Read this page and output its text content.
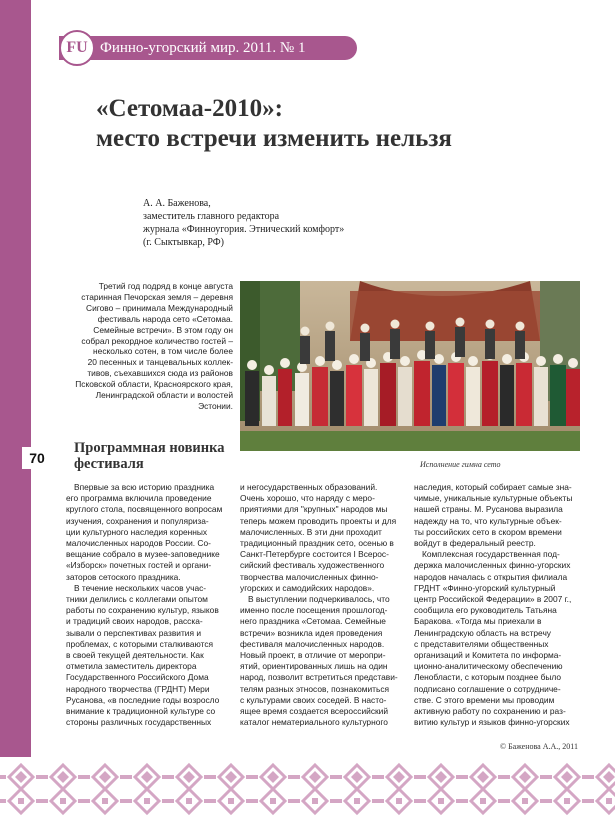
70
FU Финно-угорский мир. 2011. № 1
«Сетомаа-2010»:
место встречи изменить нельзя
А. А. Баженова,
заместитель главного редактора
журнала «Финноугория. Этнический комфорт»
(г. Сыктывкар, РФ)
Третий год подряд в конце августа
старинная Печорская земля – деревня
Сигово – принимала Международный
фестиваль народа сето «Сетомаа.
Семейные встречи». В этом году он
собрал рекордное количество гостей –
несколько сотен, в том числе более
20 песенных и танцевальных коллек-
тивов, съехавшихся сюда из районов
Псковской области, Красноярского края,
Ленинградской области и волостей
Эстонии.
Исполнение гимна сето
Программная новинка
фестиваля
Впервые за всю историю праздника
его программа включила проведение
круглого стола, посвященного вопросам
изучения, сохранения и популяриза-
ции культурного наследия коренных
малочисленных народов России. Со-
вещание собрало в музее-заповеднике
«Изборск» почетных гостей и органи-
заторов сетоского праздника.
В течение нескольких часов учас-
тники делились с коллегами опытом
работы по сохранению культур, языков
и традиций своих народов, расска-
зывали о перспективах развития и
проблемах, с которыми сталкиваются
в своей текущей деятельности. Как
отметила заместитель директора
Государственного Российского Дома
народного творчества (ГРДНТ) Мери
Русанова, «в последние годы возросло
внимание к традиционной культуре со
стороны различных государственных
и негосударственных образований.
Очень хорошо, что наряду с меро-
приятиями для "крупных" народов мы
теперь можем проводить проекты и для
малочисленных. В эти дни проходит
традиционный праздник сето, осенью в
Санкт-Петербурге состоится I Всерос-
сийский фестиваль художественного
творчества малочисленных финно-
угорских и самодийских народов».
В выступлении подчеркивалось, что
именно после посещения прошлогод-
него праздника «Сетомаа. Семейные
встречи» возникла идея проведения
фестиваля малочисленных народов.
Новый проект, в отличие от меропри-
ятий, ориентированных лишь на один
народ, позволит встретиться представи-
телям разных этносов, познакомиться
с культурами своих соседей. В насто-
ящее время создается всероссийский
каталог нематериального культурного
наследия, который собирает самые зна-
чимые, уникальные культурные объекты
нашей страны. М. Русанова выразила
надежду на то, что культурные объек-
ты российских сето в скором времени
войдут в федеральный реестр.
Комплексная государственная под-
держка малочисленных финно-угорских
народов началась с открытия филиала
ГРДНТ «Финно-угорский культурный
центр Российской Федерации» в 2007 г.,
сообщила его руководитель Татьяна
Баракова. «Тогда мы приехали в
Ленинградскую область на встречу
с представителями общественных
организаций и Комитета по информа-
ционно-аналитическому обеспечению
Ленобласти, с которым позднее было
подписано соглашение о сотрудниче-
стве. С этого времени мы проводим
активную работу по сохранению и раз-
витию культур и языков финно-угорских
© Баженова А.А., 2011
